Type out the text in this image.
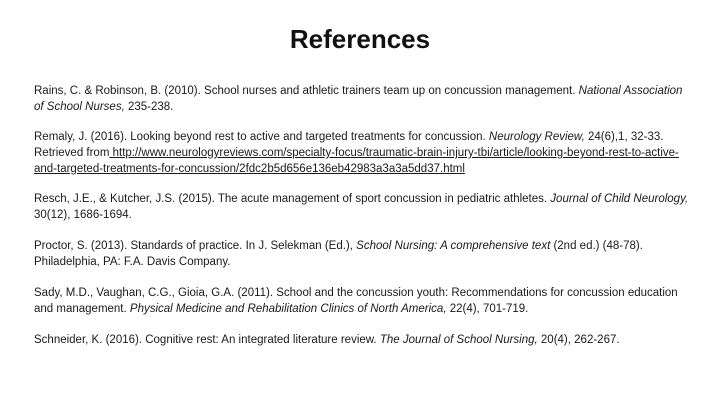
References

Rains, C. & Robinson, B. (2010). School nurses and athletic trainers team up on concussion management. National Association of School Nurses, 235-238.

Remaly, J. (2016). Looking beyond rest to active and targeted treatments for concussion. Neurology Review, 24(6),1, 32-33. Retrieved from http://www.neurologyreviews.com/specialty-focus/traumatic-brain-injury-tbi/article/looking-beyond-rest-to-active-and-targeted-treatments-for-concussion/2fdc2b5d656e136eb42983a3a3a5dd37.html

Resch, J.E., & Kutcher, J.S. (2015). The acute management of sport concussion in pediatric athletes. Journal of Child Neurology, 30(12), 1686-1694.

Proctor, S. (2013). Standards of practice. In J. Selekman (Ed.), School Nursing: A comprehensive text (2nd ed.) (48-78). Philadelphia, PA: F.A. Davis Company.

Sady, M.D., Vaughan, C.G., Gioia, G.A. (2011). School and the concussion youth: Recommendations for concussion education and management. Physical Medicine and Rehabilitation Clinics of North America, 22(4), 701-719.

Schneider, K. (2016). Cognitive rest: An integrated literature review. The Journal of School Nursing, 20(4), 262-267.
